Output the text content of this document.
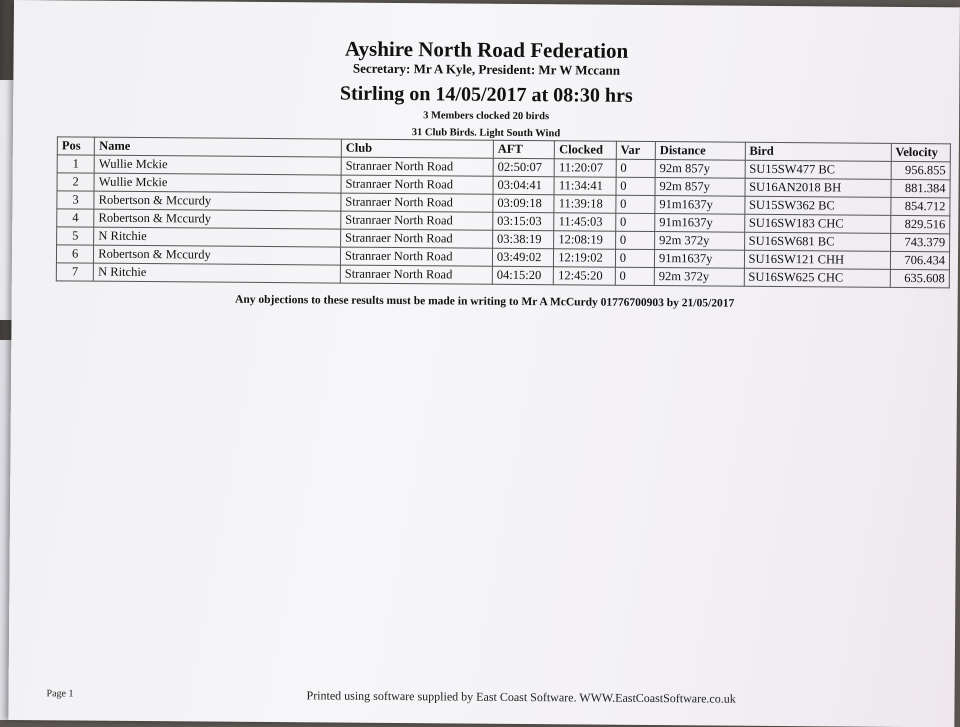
Ayshire North Road Federation
Secretary: Mr A Kyle, President: Mr W Mccann
Stirling on 14/05/2017 at 08:30 hrs
3 Members clocked 20 birds
31 Club Birds. Light South Wind
Pos	Name	Club	AFT	Clocked	Var	Distance	Bird	Velocity
1	Wullie Mckie	Stranraer North Road	02:50:07	11:20:07	0	92m 857y	SU15SW477 BC	956.855
2	Wullie Mckie	Stranraer North Road	03:04:41	11:34:41	0	92m 857y	SU16AN2018 BH	881.384
3	Robertson & Mccurdy	Stranraer North Road	03:09:18	11:39:18	0	91m1637y	SU15SW362 BC	854.712
4	Robertson & Mccurdy	Stranraer North Road	03:15:03	11:45:03	0	91m1637y	SU16SW183 CHC	829.516
5	N Ritchie	Stranraer North Road	03:38:19	12:08:19	0	92m 372y	SU16SW681 BC	743.379
6	Robertson & Mccurdy	Stranraer North Road	03:49:02	12:19:02	0	91m1637y	SU16SW121 CHH	706.434
7	N Ritchie	Stranraer North Road	04:15:20	12:45:20	0	92m 372y	SU16SW625 CHC	635.608
Any objections to these results must be made in writing to Mr A McCurdy 01776700903 by 21/05/2017
Page 1	Printed using software supplied by East Coast Software. WWW.EastCoastSoftware.co.uk
